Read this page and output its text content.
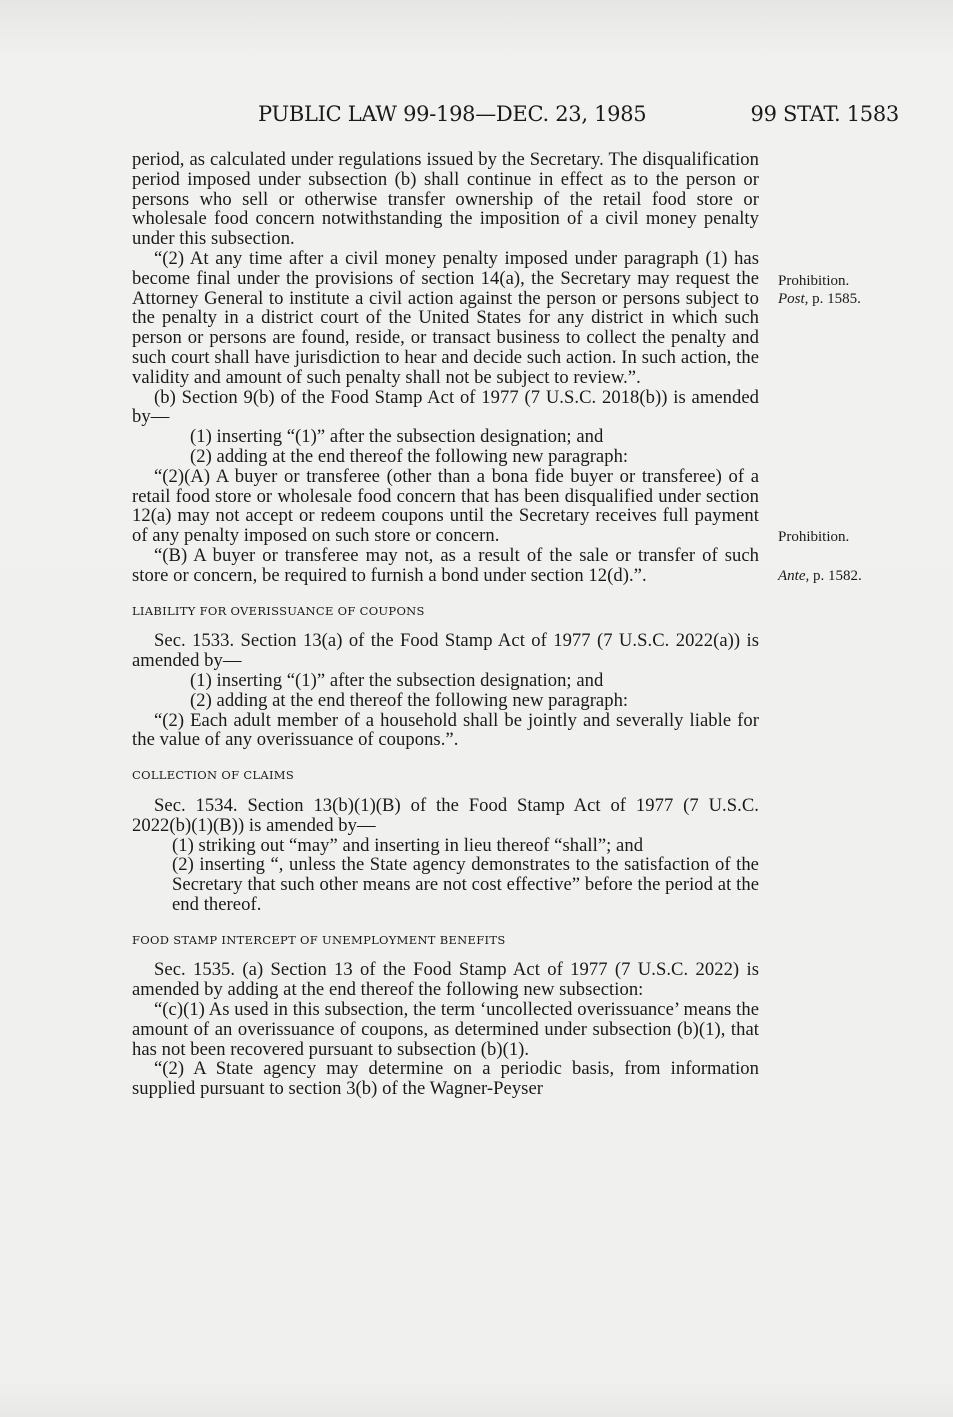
PUBLIC LAW 99-198—DEC. 23, 1985	99 STAT. 1583

period, as calculated under regulations issued by the Secretary. The disqualification period imposed under subsection (b) shall continue in effect as to the person or persons who sell or otherwise transfer ownership of the retail food store or wholesale food concern notwithstanding the imposition of a civil money penalty under this subsection.

“(2) At any time after a civil money penalty imposed under paragraph (1) has become final under the provisions of section 14(a), the Secretary may request the Attorney General to institute a civil action against the person or persons subject to the penalty in a district court of the United States for any district in which such person or persons are found, reside, or transact business to collect the penalty and such court shall have jurisdiction to hear and decide such action. In such action, the validity and amount of such penalty shall not be subject to review.”.

(b) Section 9(b) of the Food Stamp Act of 1977 (7 U.S.C. 2018(b)) is amended by—

(1) inserting “(1)” after the subsection designation; and

(2) adding at the end thereof the following new paragraph:

“(2)(A) A buyer or transferee (other than a bona fide buyer or transferee) of a retail food store or wholesale food concern that has been disqualified under section 12(a) may not accept or redeem coupons until the Secretary receives full payment of any penalty imposed on such store or concern.

“(B) A buyer or transferee may not, as a result of the sale or transfer of such store or concern, be required to furnish a bond under section 12(d).”.

LIABILITY FOR OVERISSUANCE OF COUPONS

Sec. 1533. Section 13(a) of the Food Stamp Act of 1977 (7 U.S.C. 2022(a)) is amended by—

(1) inserting “(1)” after the subsection designation; and

(2) adding at the end thereof the following new paragraph:

“(2) Each adult member of a household shall be jointly and severally liable for the value of any overissuance of coupons.”.

COLLECTION OF CLAIMS

Sec. 1534. Section 13(b)(1)(B) of the Food Stamp Act of 1977 (7 U.S.C. 2022(b)(1)(B)) is amended by—

(1) striking out “may” and inserting in lieu thereof “shall”; and

(2) inserting “, unless the State agency demonstrates to the satisfaction of the Secretary that such other means are not cost effective” before the period at the end thereof.

FOOD STAMP INTERCEPT OF UNEMPLOYMENT BENEFITS

Sec. 1535. (a) Section 13 of the Food Stamp Act of 1977 (7 U.S.C. 2022) is amended by adding at the end thereof the following new subsection:

“(c)(1) As used in this subsection, the term ‘uncollected overissuance’ means the amount of an overissuance of coupons, as determined under subsection (b)(1), that has not been recovered pursuant to subsection (b)(1).

“(2) A State agency may determine on a periodic basis, from information supplied pursuant to section 3(b) of the Wagner-Peyser

Prohibition.
Post, p. 1585.
Prohibition.
Ante, p. 1582.
